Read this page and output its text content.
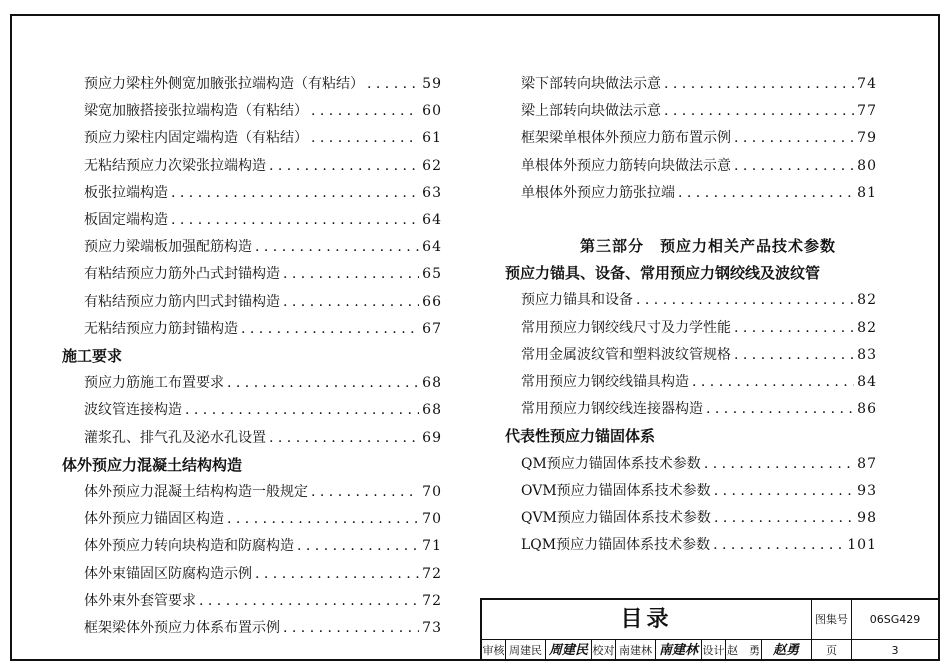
预应力梁柱外侧宽加腋张拉端构造（有粘结） . . .	59
梁宽加腋搭接张拉端构造（有粘结） . . .	60
预应力梁柱内固定端构造（有粘结） . . .	61
无粘结预应力次梁张拉端构造 . . .	62
板张拉端构造 . . .	63
板固定端构造 . . .	64
预应力梁端板加强配筋构造 . . .	64
有粘结预应力筋外凸式封锚构造 . . .	65
有粘结预应力筋内凹式封锚构造 . . .	66
无粘结预应力筋封锚构造 . . .	67
施工要求
预应力筋施工布置要求 . . .	68
波纹管连接构造 . . .	68
灌浆孔、排气孔及泌水孔设置 . . .	69
体外预应力混凝土结构构造
体外预应力混凝土结构构造一般规定 . . .	70
体外预应力锚固区构造 . . .	70
体外预应力转向块构造和防腐构造 . . .	71
体外束锚固区防腐构造示例 . . .	72
体外束外套管要求 . . .	72
框架梁体外预应力体系布置示例 . . .	73
梁下部转向块做法示意 . . .	74
梁上部转向块做法示意 . . .	77
框架梁单根体外预应力筋布置示例 . . .	79
单根体外预应力筋转向块做法示意 . . .	80
单根体外预应力筋张拉端 . . .	81
第三部分　预应力相关产品技术参数
预应力锚具、设备、常用预应力钢绞线及波纹管
预应力锚具和设备 . . .	82
常用预应力钢绞线尺寸及力学性能 . . .	82
常用金属波纹管和塑料波纹管规格 . . .	83
常用预应力钢绞线锚具构造 . . .	84
常用预应力钢绞线连接器构造 . . .	86
代表性预应力锚固体系
QM预应力锚固体系技术参数 . . .	87
OVM预应力锚固体系技术参数 . . .	93
QVM预应力锚固体系技术参数 . . .	98
LQM预应力锚固体系技术参数 . . .	101
目录	图集号	06SG429
审核 周建民 周建民 校对 南建林 南建林 设计 赵　勇 赵勇	页	3
